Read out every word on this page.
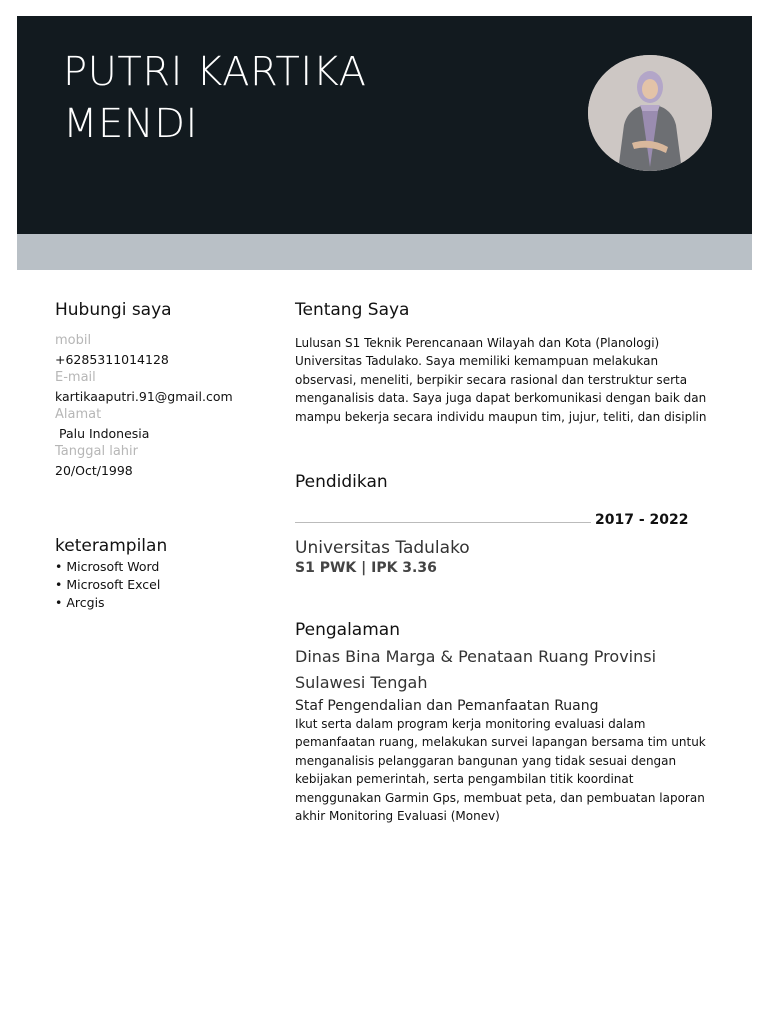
PUTRI KARTIKA
MENDI
Hubungi saya
mobil
+6285311014128
E-mail
kartikaaputri.91@gmail.com
Alamat
Palu Indonesia
Tanggal lahir
20/Oct/1998
keterampilan
• Microsoft Word
• Microsoft Excel
• Arcgis
Tentang Saya
Lulusan S1 Teknik Perencanaan Wilayah dan Kota (Planologi)
Universitas Tadulako. Saya memiliki kemampuan melakukan
observasi, meneliti, berpikir secara rasional dan terstruktur serta
menganalisis data. Saya juga dapat berkomunikasi dengan baik dan
mampu bekerja secara individu maupun tim, jujur, teliti, dan disiplin
Pendidikan
2017 - 2022
Universitas Tadulako
S1 PWK | IPK 3.36
Pengalaman
Dinas Bina Marga & Penataan Ruang Provinsi
Sulawesi Tengah
Staf Pengendalian dan Pemanfaatan Ruang
Ikut serta dalam program kerja monitoring evaluasi dalam
pemanfaatan ruang, melakukan survei lapangan bersama tim untuk
menganalisis pelanggaran bangunan yang tidak sesuai dengan
kebijakan pemerintah, serta pengambilan titik koordinat
menggunakan Garmin Gps, membuat peta, dan pembuatan laporan
akhir Monitoring Evaluasi (Monev)
